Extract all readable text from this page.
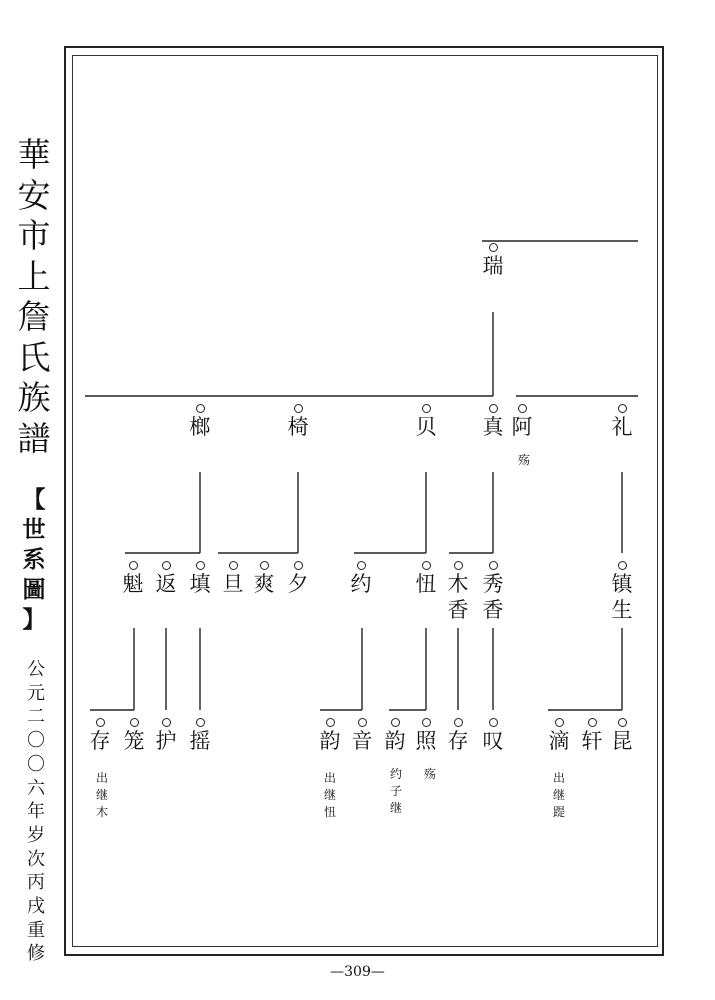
華
安
市
上
詹
氏
族
譜
【
世
系
圖
】
公
元
二
〇
〇
六
年
岁
次
丙
戌
重
修
瑞
榔	椅	贝 真 阿
殇
礼
魁 返 填 旦 爽 夕 约 忸 木
香
秀
香
镇
生
存
出
继
木
笼 护 摇	韵
出
继
忸
音 韵
约
子
继
照
殇
存 叹 滴
出
继
踶
轩 昆
—309—
